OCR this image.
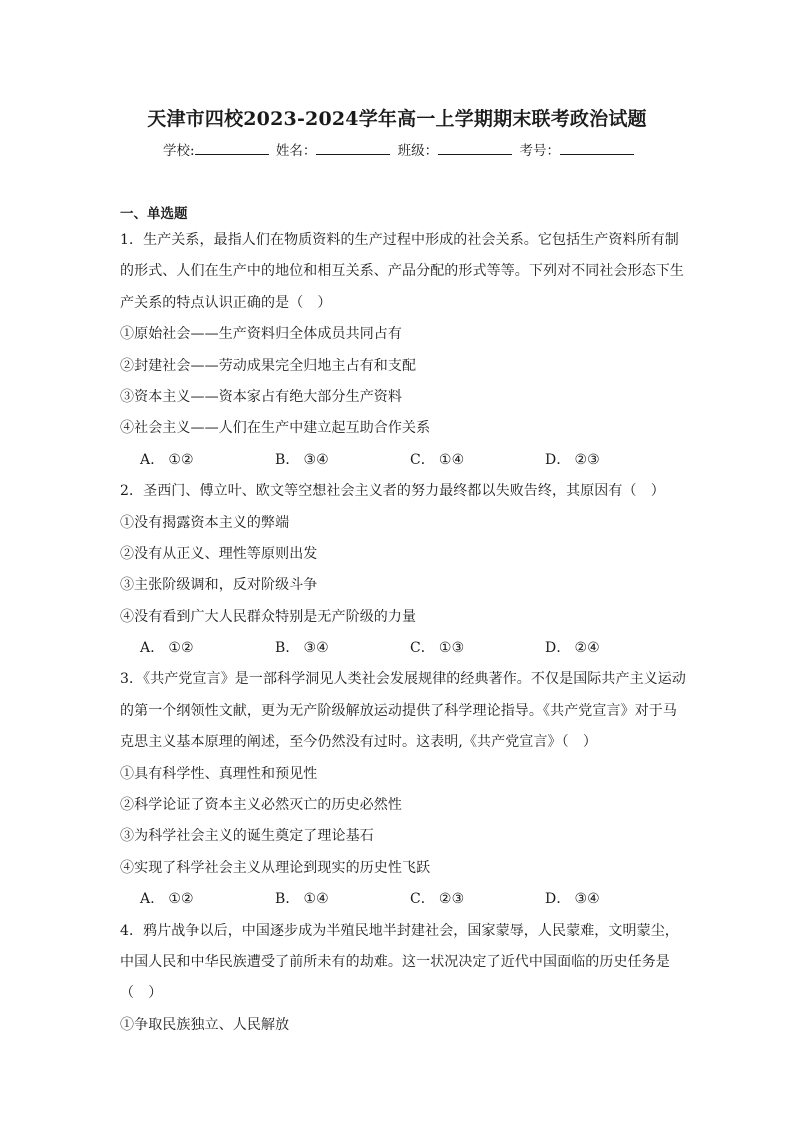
天津市四校2023-2024学年高一上学期期末联考政治试题
学校:	姓名：	班级：	考号：
一、单选题
1．生产关系，最指人们在物质资料的生产过程中形成的社会关系。它包括生产资料所有制
的形式、人们在生产中的地位和相互关系、产品分配的形式等等。下列对不同社会形态下生
产关系的特点认识正确的是（　）
①原始社会——生产资料归全体成员共同占有
②封建社会——劳动成果完全归地主占有和支配
③资本主义——资本家占有绝大部分生产资料
④社会主义——人们在生产中建立起互助合作关系
A． ①②	B． ③④	C． ①④	D． ②③
2．圣西门、傅立叶、欧文等空想社会主义者的努力最终都以失败告终，其原因有（　）
①没有揭露资本主义的弊端
②没有从正义、理性等原则出发
③主张阶级调和，反对阶级斗争
④没有看到广大人民群众特别是无产阶级的力量
A． ①②	B． ③④	C． ①③	D． ②④
3．《共产党宣言》是一部科学洞见人类社会发展规律的经典著作。不仅是国际共产主义运动
的第一个纲领性文献，更为无产阶级解放运动提供了科学理论指导。《共产党宣言》对于马
克思主义基本原理的阐述，至今仍然没有过时。这表明,《共产党宣言》（　）
①具有科学性、真理性和预见性
②科学论证了资本主义必然灭亡的历史必然性
③为科学社会主义的诞生奠定了理论基石
④实现了科学社会主义从理论到现实的历史性飞跃
A． ①②	B． ①④	C． ②③	D． ③④
4．鸦片战争以后，中国逐步成为半殖民地半封建社会，国家蒙辱，人民蒙难，文明蒙尘，
中国人民和中华民族遭受了前所未有的劫难。这一状况决定了近代中国面临的历史任务是
（　）
①争取民族独立、人民解放
